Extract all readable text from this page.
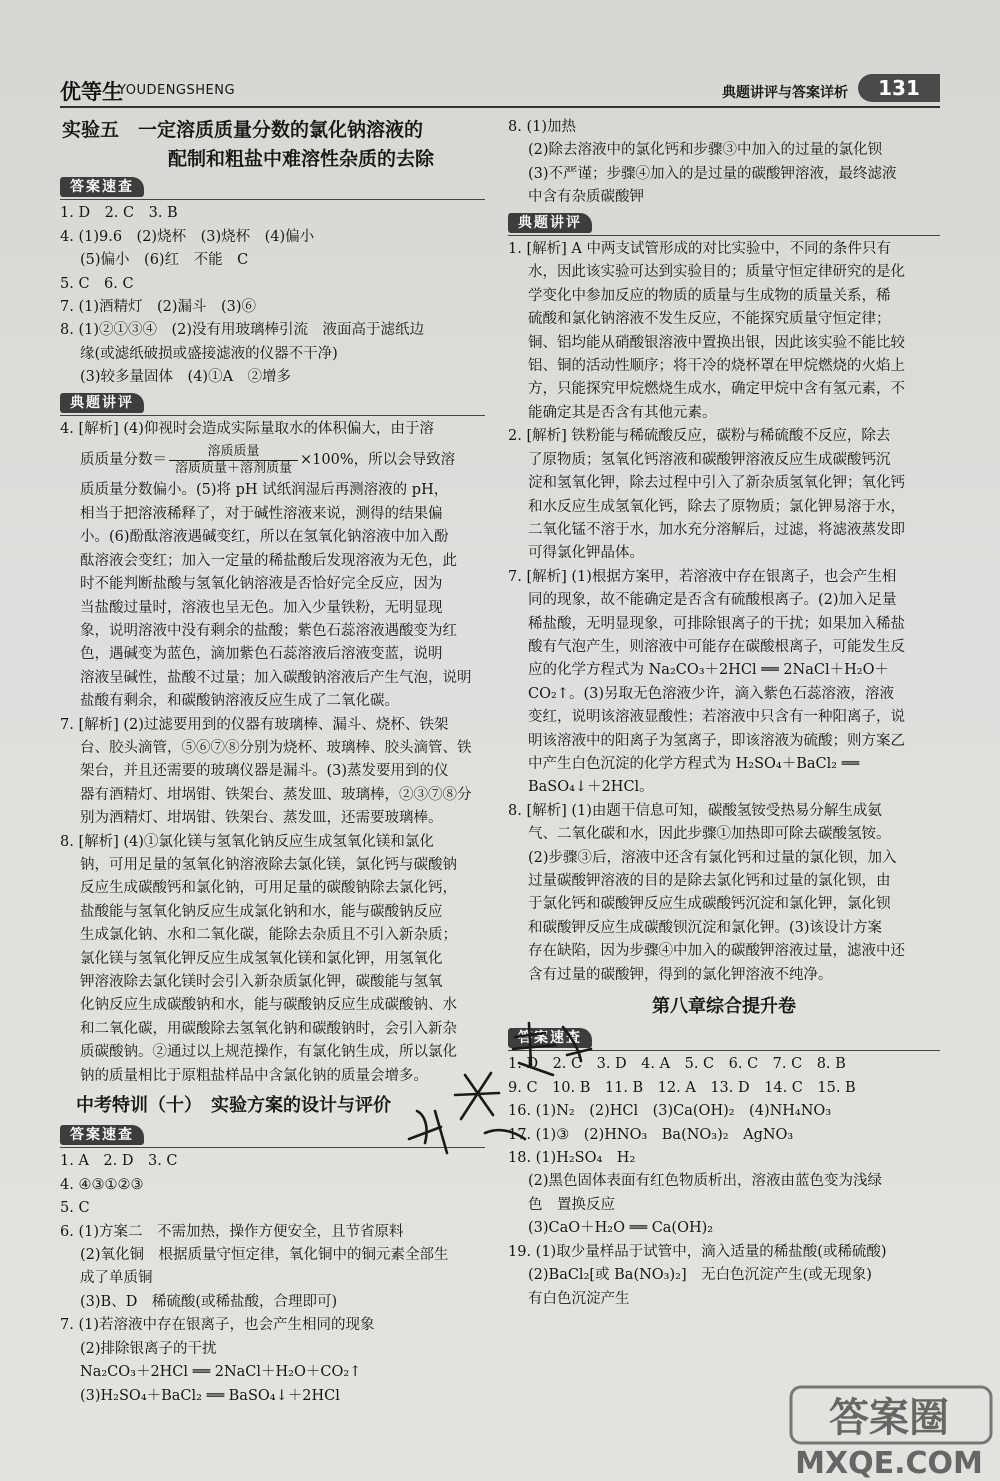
优等生
YOUDENGSHENG	典题讲评与答案详析	131
实验五　一定溶质质量分数的氯化钠溶液的
配制和粗盐中难溶性杂质的去除
答案速查
1. D　2. C　3. B
4. (1)9.6　(2)烧杯　(3)烧杯　(4)偏小
(5)偏小　(6)红　不能　C
5. C　6. C
7. (1)酒精灯　(2)漏斗　(3)⑥
8. (1)②①③④　(2)没有用玻璃棒引流　液面高于滤纸边
缘(或滤纸破损或盛接滤液的仪器不干净)
(3)较多量固体　(4)①A　②增多
典题讲评
4. [解析] (4)仰视时会造成实际量取水的体积偏大，由于溶
质质量分数＝ $\frac{\text{溶质质量}}{\text{溶质质量＋溶剂质量}} \times 100\%$，所以会导致溶
质质量分数偏小。(5)将 pH 试纸润湿后再测溶液的 pH，
相当于把溶液稀释了，对于碱性溶液来说，测得的结果偏
小。(6)酚酞溶液遇碱变红，所以在氢氧化钠溶液中加入酚
酞溶液会变红；加入一定量的稀盐酸后发现溶液为无色，此
时不能判断盐酸与氢氧化钠溶液是否恰好完全反应，因为
当盐酸过量时，溶液也呈无色。加入少量铁粉，无明显现
象，说明溶液中没有剩余的盐酸；紫色石蕊溶液遇酸变为红
色，遇碱变为蓝色，滴加紫色石蕊溶液后溶液变蓝，说明
溶液呈碱性，盐酸不过量；加入碳酸钠溶液后产生气泡，说明
盐酸有剩余，和碳酸钠溶液反应生成了二氧化碳。
7. [解析] (2)过滤要用到的仪器有玻璃棒、漏斗、烧杯、铁架
台、胶头滴管，⑤⑥⑦⑧分别为烧杯、玻璃棒、胶头滴管、铁
架台，并且还需要的玻璃仪器是漏斗。(3)蒸发要用到的仪
器有酒精灯、坩埚钳、铁架台、蒸发皿、玻璃棒，②③⑦⑧分
别为酒精灯、坩埚钳、铁架台、蒸发皿，还需要玻璃棒。
8. [解析] (4)①氯化镁与氢氧化钠反应生成氢氧化镁和氯化
钠，可用足量的氢氧化钠溶液除去氯化镁，氯化钙与碳酸钠
反应生成碳酸钙和氯化钠，可用足量的碳酸钠除去氯化钙，
盐酸能与氢氧化钠反应生成氯化钠和水，能与碳酸钠反应
生成氯化钠、水和二氧化碳，能除去杂质且不引入新杂质；
氯化镁与氢氧化钾反应生成氢氧化镁和氯化钾，用氢氧化
钾溶液除去氯化镁时会引入新杂质氯化钾，碳酸能与氢氧
化钠反应生成碳酸钠和水，能与碳酸钠反应生成碳酸钠、水
和二氧化碳，用碳酸除去氢氧化钠和碳酸钠时，会引入新杂
质碳酸钠。②通过以上规范操作，有氯化钠生成，所以氯化
钠的质量相比于原粗盐样品中含氯化钠的质量会增多。
中考特训（十）　实验方案的设计与评价
答案速查
1. A　2. D　3. C
4. ④③①②③
5. C
6. (1)方案二　不需加热，操作方便安全，且节省原料
(2)氧化铜　根据质量守恒定律，氧化铜中的铜元素全部生
成了单质铜
(3)B、D　稀硫酸(或稀盐酸，合理即可)
7. (1)若溶液中存在银离子，也会产生相同的现象
(2)排除银离子的干扰
Na₂CO₃＋2HCl ══ 2NaCl＋H₂O＋CO₂↑
(3)H₂SO₄＋BaCl₂ ══ BaSO₄↓＋2HCl
8. (1)加热
(2)除去溶液中的氯化钙和步骤③中加入的过量的氯化钡
(3)不严谨；步骤④加入的是过量的碳酸钾溶液，最终滤液
中含有杂质碳酸钾
典题讲评
1. [解析] A 中两支试管形成的对比实验中，不同的条件只有
水，因此该实验可达到实验目的；质量守恒定律研究的是化
学变化中参加反应的物质的质量与生成物的质量关系，稀
硫酸和氯化钠溶液不发生反应，不能探究质量守恒定律；
铜、铝均能从硝酸银溶液中置换出银，因此该实验不能比较
铝、铜的活动性顺序；将干冷的烧杯罩在甲烷燃烧的火焰上
方，只能探究甲烷燃烧生成水，确定甲烷中含有氢元素，不
能确定其是否含有其他元素。
2. [解析] 铁粉能与稀硫酸反应，碳粉与稀硫酸不反应，除去
了原物质；氢氧化钙溶液和碳酸钾溶液反应生成碳酸钙沉
淀和氢氧化钾，除去过程中引入了新杂质氢氧化钾；氧化钙
和水反应生成氢氧化钙，除去了原物质；氯化钾易溶于水，
二氧化锰不溶于水，加水充分溶解后，过滤，将滤液蒸发即
可得氯化钾晶体。
7. [解析] (1)根据方案甲，若溶液中存在银离子，也会产生相
同的现象，故不能确定是否含有硫酸根离子。(2)加入足量
稀盐酸，无明显现象，可排除银离子的干扰；如果加入稀盐
酸有气泡产生，则溶液中可能存在碳酸根离子，可能发生反
应的化学方程式为 Na₂CO₃＋2HCl ══ 2NaCl＋H₂O＋
CO₂↑。(3)另取无色溶液少许，滴入紫色石蕊溶液，溶液
变红，说明该溶液显酸性；若溶液中只含有一种阳离子，说
明该溶液中的阳离子为氢离子，即该溶液为硫酸；则方案乙
中产生白色沉淀的化学方程式为 H₂SO₄＋BaCl₂ ══
BaSO₄↓＋2HCl。
8. [解析] (1)由题干信息可知，碳酸氢铵受热易分解生成氨
气、二氧化碳和水，因此步骤①加热即可除去碳酸氢铵。
(2)步骤③后，溶液中还含有氯化钙和过量的氯化钡，加入
过量碳酸钾溶液的目的是除去氯化钙和过量的氯化钡，由
于氯化钙和碳酸钾反应生成碳酸钙沉淀和氯化钾，氯化钡
和碳酸钾反应生成碳酸钡沉淀和氯化钾。(3)该设计方案
存在缺陷，因为步骤④中加入的碳酸钾溶液过量，滤液中还
含有过量的碳酸钾，得到的氯化钾溶液不纯净。
第八章综合提升卷
答案速查
1. D　2. C　3. D　4. A　5. C　6. C　7. C　8. B
9. C　10. B　11. B　12. A　13. D　14. C　15. B
16. (1)N₂　(2)HCl　(3)Ca(OH)₂　(4)NH₄NO₃
17. (1)③　(2)HNO₃　Ba(NO₃)₂　AgNO₃
18. (1)H₂SO₄　H₂
(2)黑色固体表面有红色物质析出，溶液由蓝色变为浅绿
色　置换反应
(3)CaO＋H₂O ══ Ca(OH)₂
19. (1)取少量样品于试管中，滴入适量的稀盐酸(或稀硫酸)
(2)BaCl₂[或 Ba(NO₃)₂]　无白色沉淀产生(或无现象)
有白色沉淀产生
答案圈
MXQE.COM
